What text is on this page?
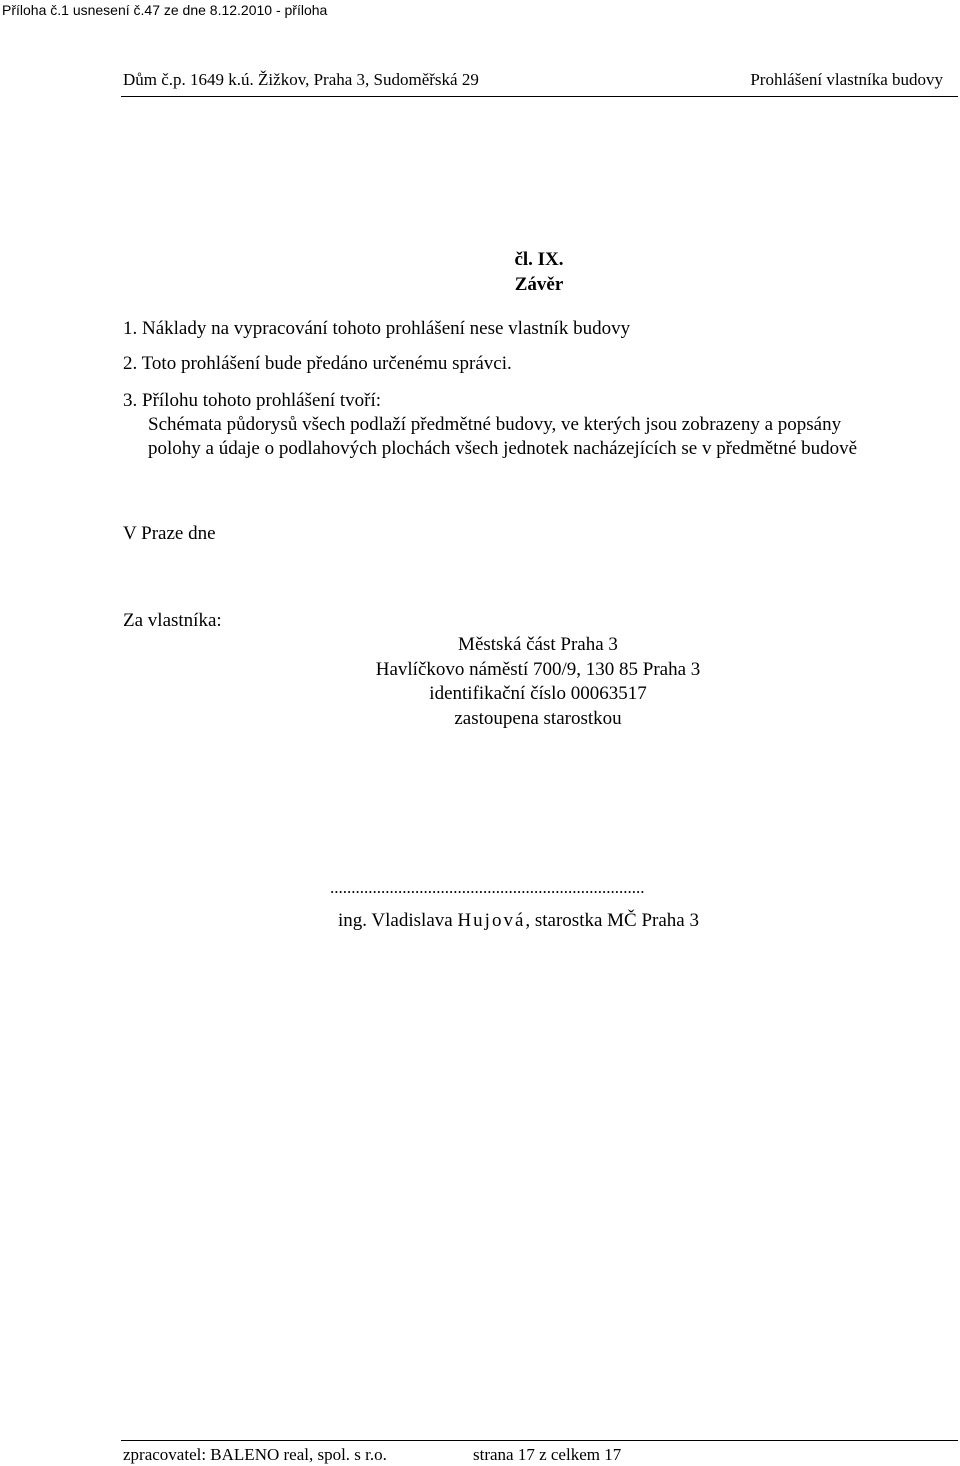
Příloha č.1 usnesení č.47 ze dne 8.12.2010 - příloha
Dům č.p. 1649 k.ú. Žižkov, Praha 3, Sudoměřská 29	Prohlášení vlastníka budovy
čl. IX.
Závěr
1. Náklady na vypracování tohoto prohlášení nese vlastník budovy
2. Toto prohlášení bude předáno určenému správci.
3. Přílohu tohoto prohlášení tvoří:
Schémata půdorysů všech podlaží předmětné budovy, ve kterých jsou zobrazeny a popsány
polohy a údaje o podlahových plochách všech jednotek nacházejících se v předmětné budově
V Praze dne
Za vlastníka:
Městská část Praha 3
Havlíčkovo náměstí 700/9, 130 85 Praha 3
identifikační číslo 00063517
zastoupena starostkou
..........................................................................
ing. Vladislava Hujová, starostka MČ Praha 3
zpracovatel: BALENO real, spol. s r.o.	strana 17 z celkem 17
